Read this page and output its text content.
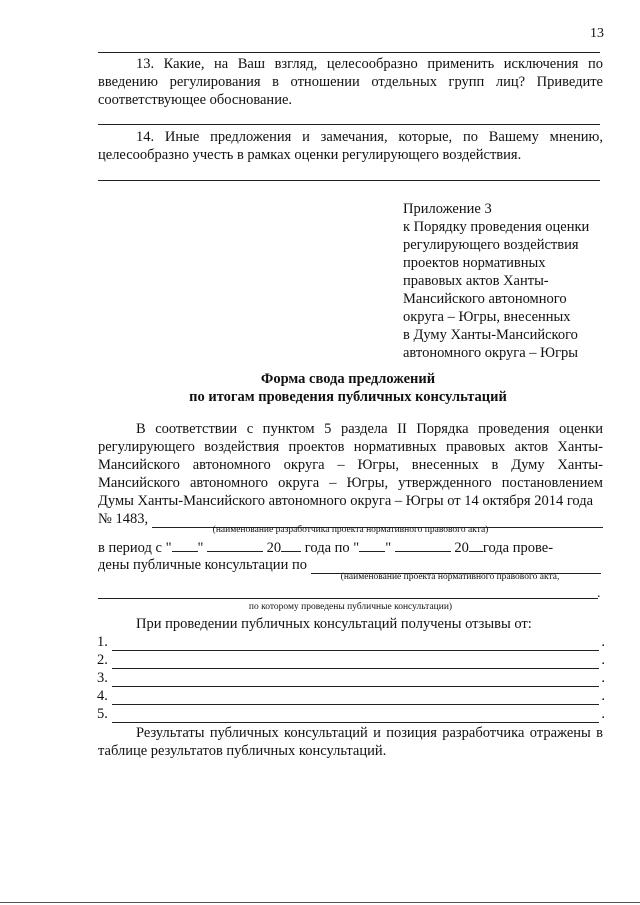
13
13. Какие, на Ваш взгляд, целесообразно применить исключения по введению регулирования в отношении отдельных групп лиц? Приведите соответствующее обоснование.
14. Иные предложения и замечания, которые, по Вашему мнению, целесообразно учесть в рамках оценки регулирующего воздействия.
Приложение 3
к Порядку проведения оценки
регулирующего воздействия
проектов нормативных
правовых актов Ханты-
Мансийского автономного
округа – Югры, внесенных
в Думу Ханты-Мансийского
автономного округа – Югры
Форма свода предложений
по итогам проведения публичных консультаций
В соответствии с пунктом 5 раздела II Порядка проведения оценки регулирующего воздействия проектов нормативных правовых актов Ханты-Мансийского автономного округа – Югры, внесенных в Думу Ханты-Мансийского автономного округа – Югры, утвержденного постановлением Думы Ханты-Мансийского автономного округа – Югры от 14 октября 2014 года
№ 1483,
(наименование разработчика проекта нормативного правового акта)
в период с " "	20 года по " "	20 года прове-
дены публичные консультации по
(наименование проекта нормативного правового акта,
.
по которому проведены публичные консультации)
При проведении публичных консультаций получены отзывы от:
1.	.
2.	.
3.	.
4.	.
5.	.
Результаты публичных консультаций и позиция разработчика отражены в таблице результатов публичных консультаций.
